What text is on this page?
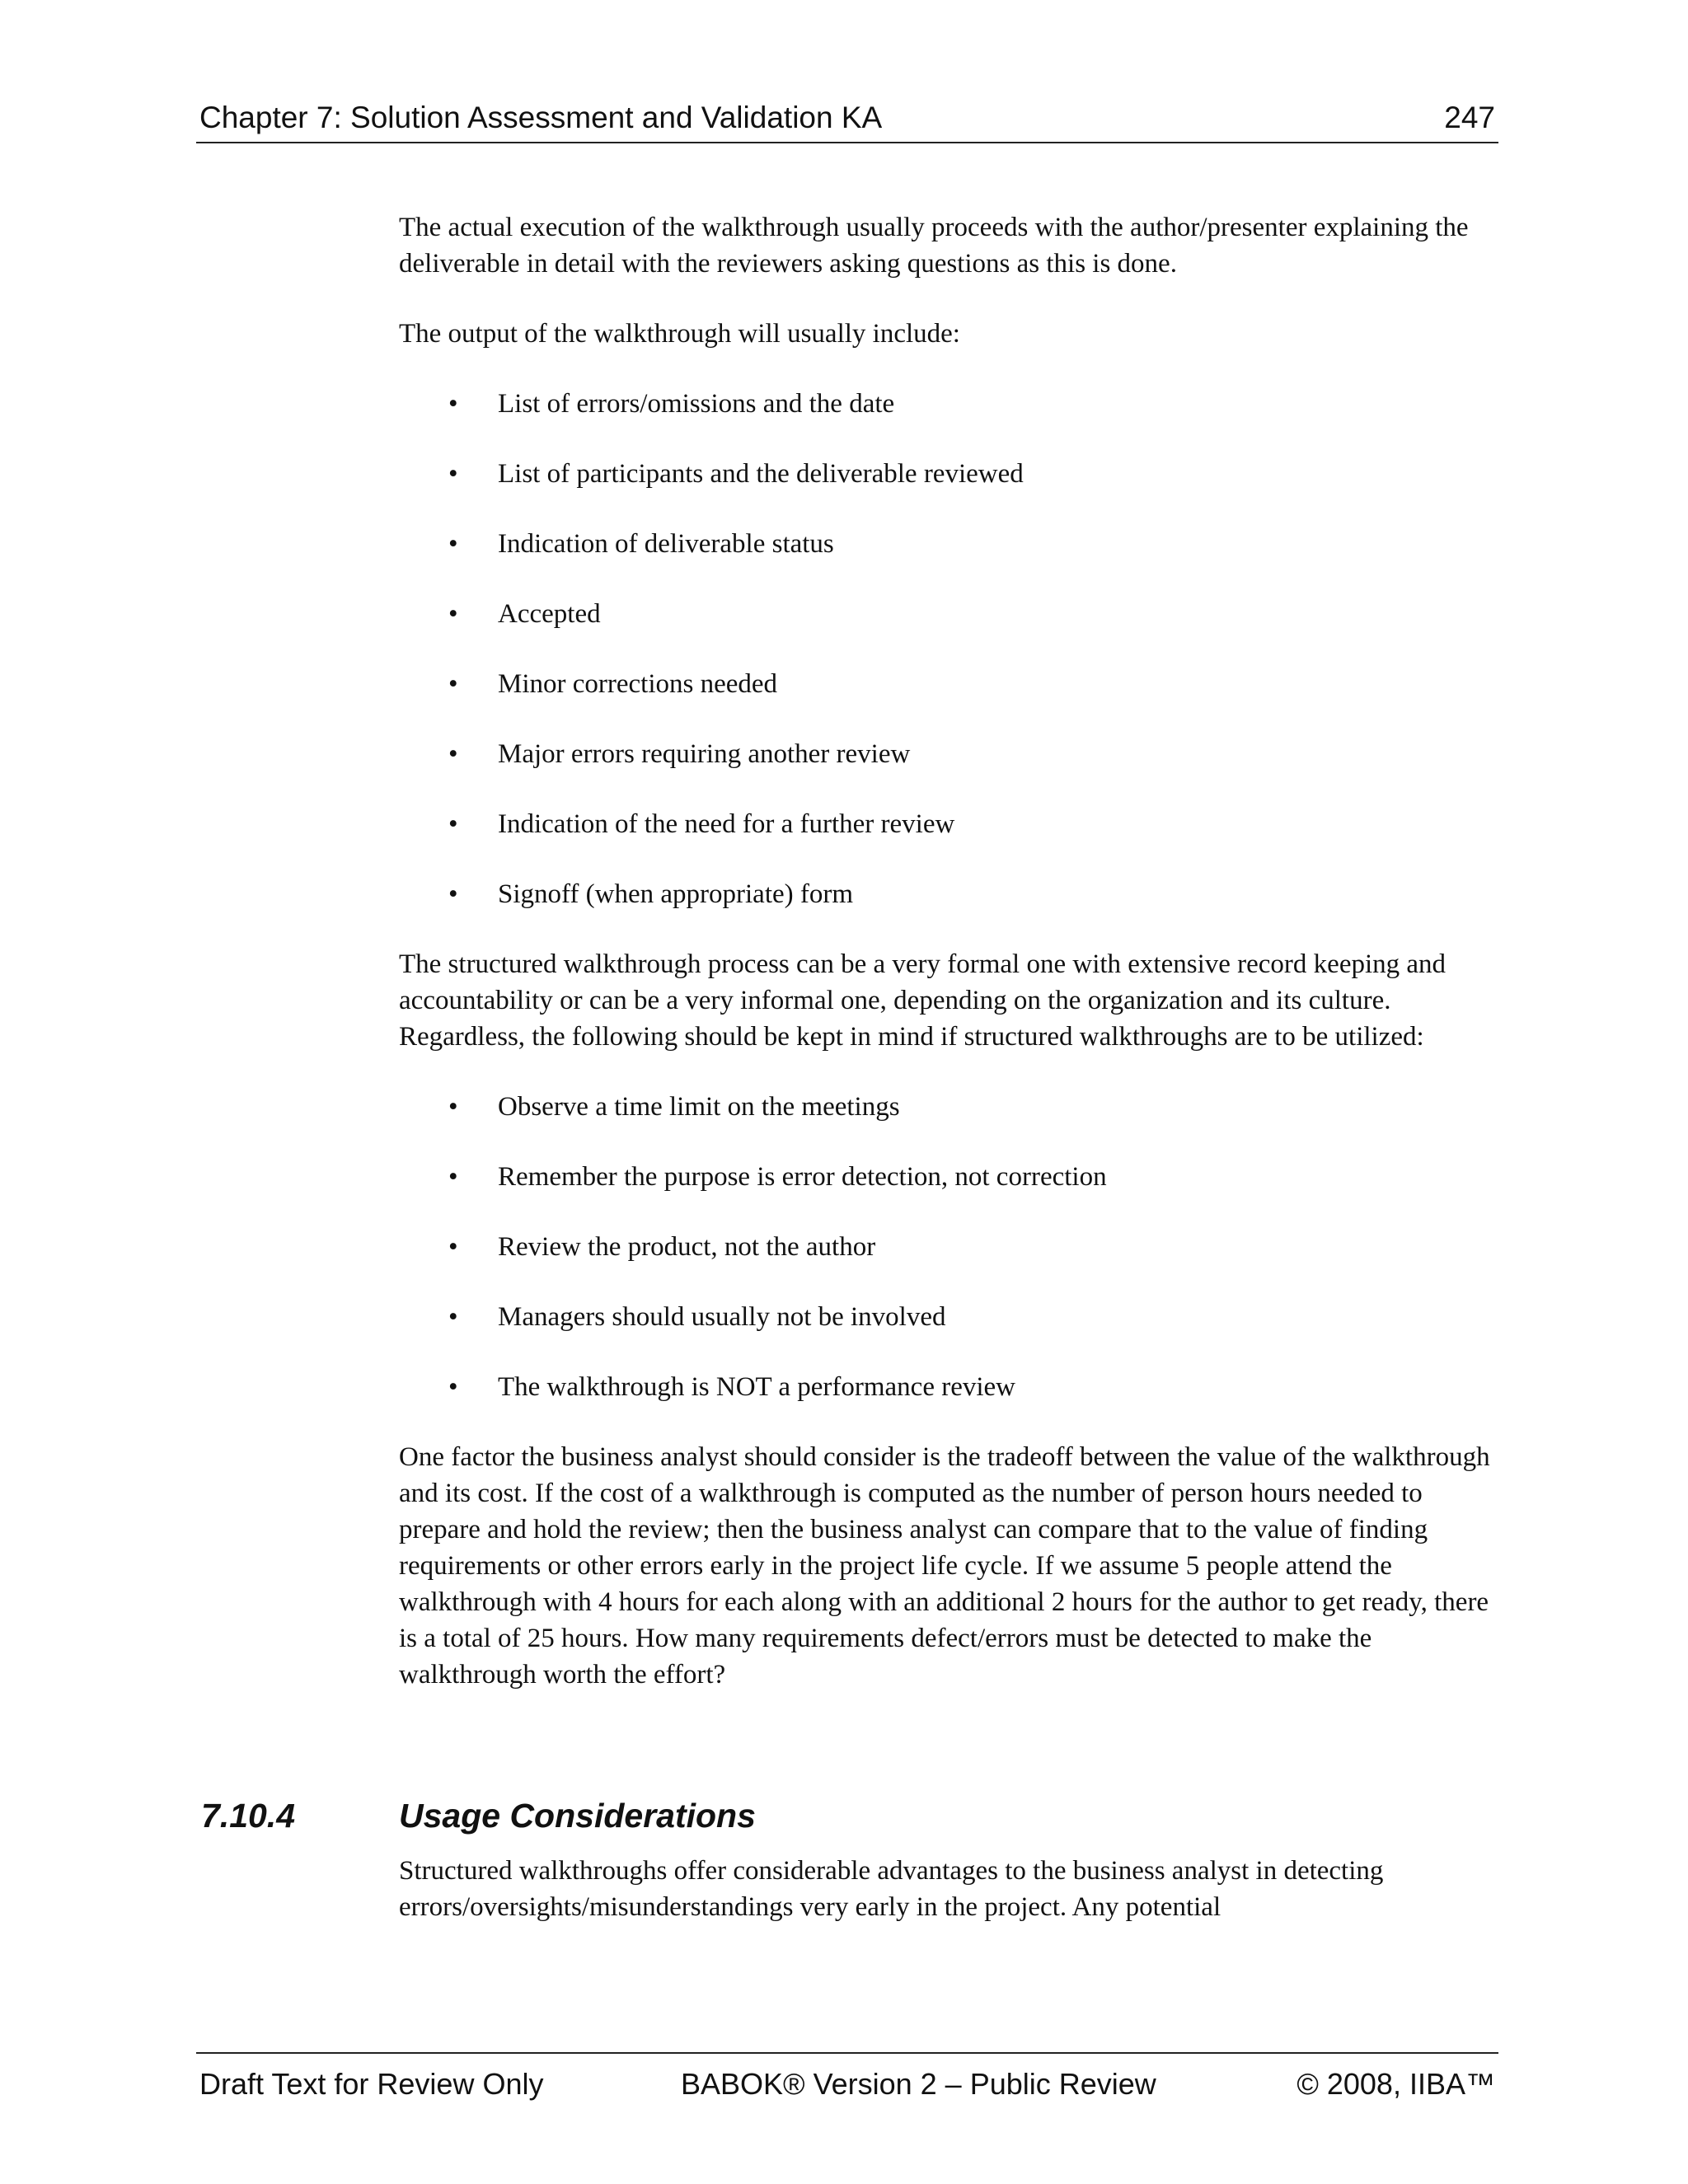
Chapter 7: Solution Assessment and Validation KA	247

The actual execution of the walkthrough usually proceeds with the author/presenter explaining the deliverable in detail with the reviewers asking questions as this is done.

The output of the walkthrough will usually include:

• List of errors/omissions and the date
• List of participants and the deliverable reviewed
• Indication of deliverable status
• Accepted
• Minor corrections needed
• Major errors requiring another review
• Indication of the need for a further review
• Signoff (when appropriate) form

The structured walkthrough process can be a very formal one with extensive record keeping and accountability or can be a very informal one, depending on the organization and its culture. Regardless, the following should be kept in mind if structured walkthroughs are to be utilized:

• Observe a time limit on the meetings
• Remember the purpose is error detection, not correction
• Review the product, not the author
• Managers should usually not be involved
• The walkthrough is NOT a performance review

One factor the business analyst should consider is the tradeoff between the value of the walkthrough and its cost. If the cost of a walkthrough is computed as the number of person hours needed to prepare and hold the review; then the business analyst can compare that to the value of finding requirements or other errors early in the project life cycle. If we assume 5 people attend the walkthrough with 4 hours for each along with an additional 2 hours for the author to get ready, there is a total of 25 hours. How many requirements defect/errors must be detected to make the walkthrough worth the effort?

7.10.4	Usage Considerations

Structured walkthroughs offer considerable advantages to the business analyst in detecting errors/oversights/misunderstandings very early in the project. Any potential

Draft Text for Review Only	BABOK® Version 2 – Public Review	© 2008, IIBA™
